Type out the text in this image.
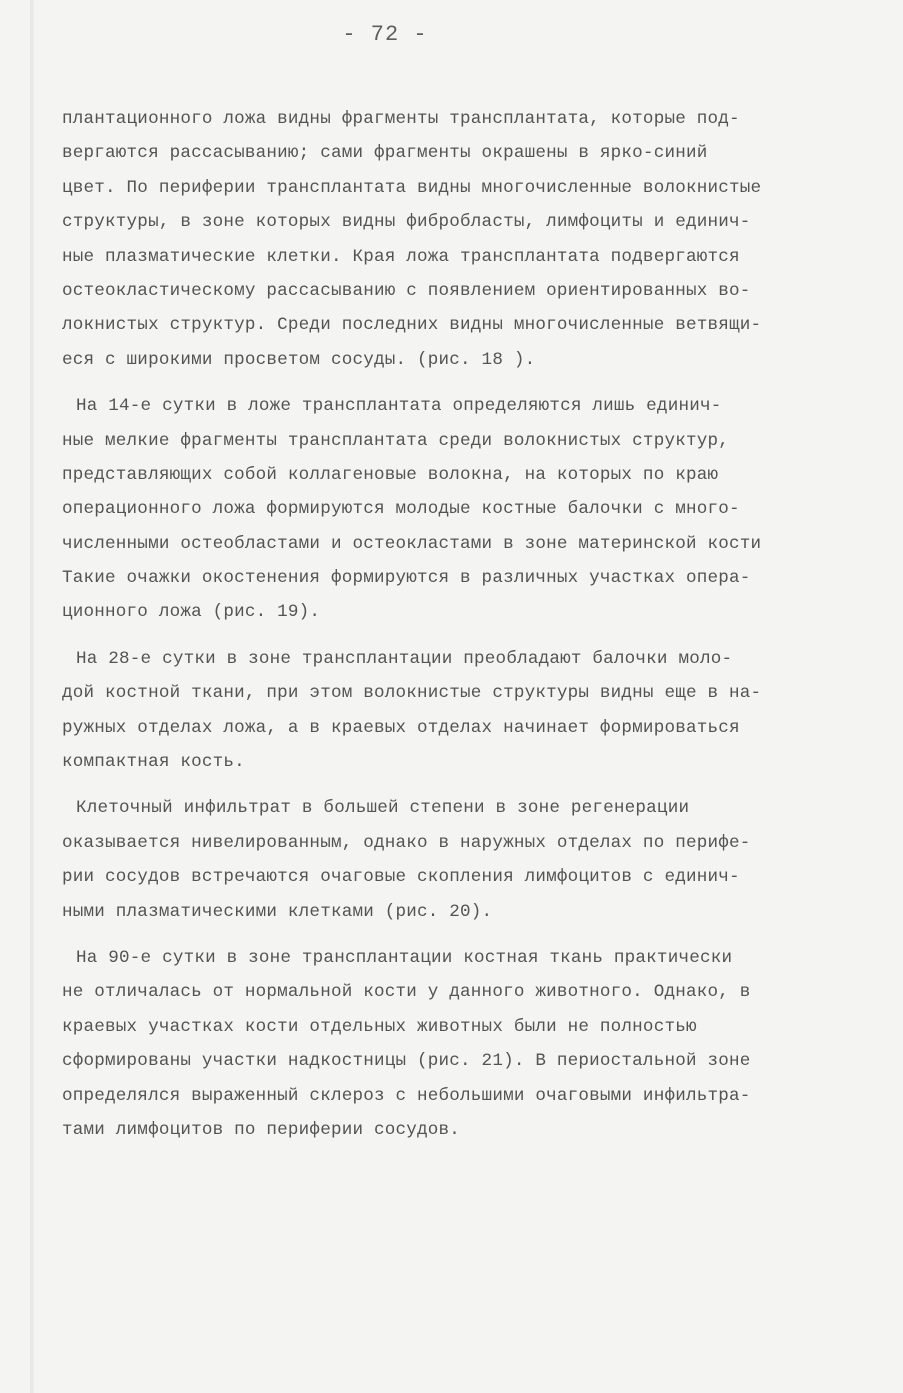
- 72 -
плантационного ложа видны фрагменты трансплантата, которые под-
вергаются рассасыванию; сами фрагменты окрашены в ярко-синий
цвет. По периферии трансплантата видны многочисленные волокнистые
структуры, в зоне которых видны фибробласты, лимфоциты и единич-
ные плазматические клетки. Края ложа трансплантата подвергаются
остеокластическому рассасыванию с появлением ориентированных во-
локнистых структур. Среди последних видны многочисленные ветвящи-
еся с широкими просветом сосуды. (рис. 18 ).
На 14-е сутки в ложе трансплантата определяются лишь единич-
ные мелкие фрагменты трансплантата среди волокнистых структур,
представляющих собой коллагеновые волокна, на которых по краю
операционного ложа формируются молодые костные балочки с много-
численными остеобластами и остеокластами в зоне материнской кости
Такие очажки окостенения формируются в различных участках опера-
ционного ложа (рис. 19).
На 28-е сутки в зоне трансплантации преобладают балочки моло-
дой костной ткани, при этом волокнистые структуры видны еще в на-
ружных отделах ложа, а в краевых отделах начинает формироваться
компактная кость.
Клеточный инфильтрат в большей степени в зоне регенерации
оказывается нивелированным, однако в наружных отделах по перифе-
рии сосудов встречаются очаговые скопления лимфоцитов с единич-
ными плазматическими клетками (рис. 20).
На 90-е сутки в зоне трансплантации костная ткань практически
не отличалась от нормальной кости у данного животного. Однако, в
краевых участках кости отдельных животных были не полностью
сформированы участки надкостницы (рис. 21). В периостальной зоне
определялся выраженный склероз с небольшими очаговыми инфильтра-
тами лимфоцитов по периферии сосудов.
